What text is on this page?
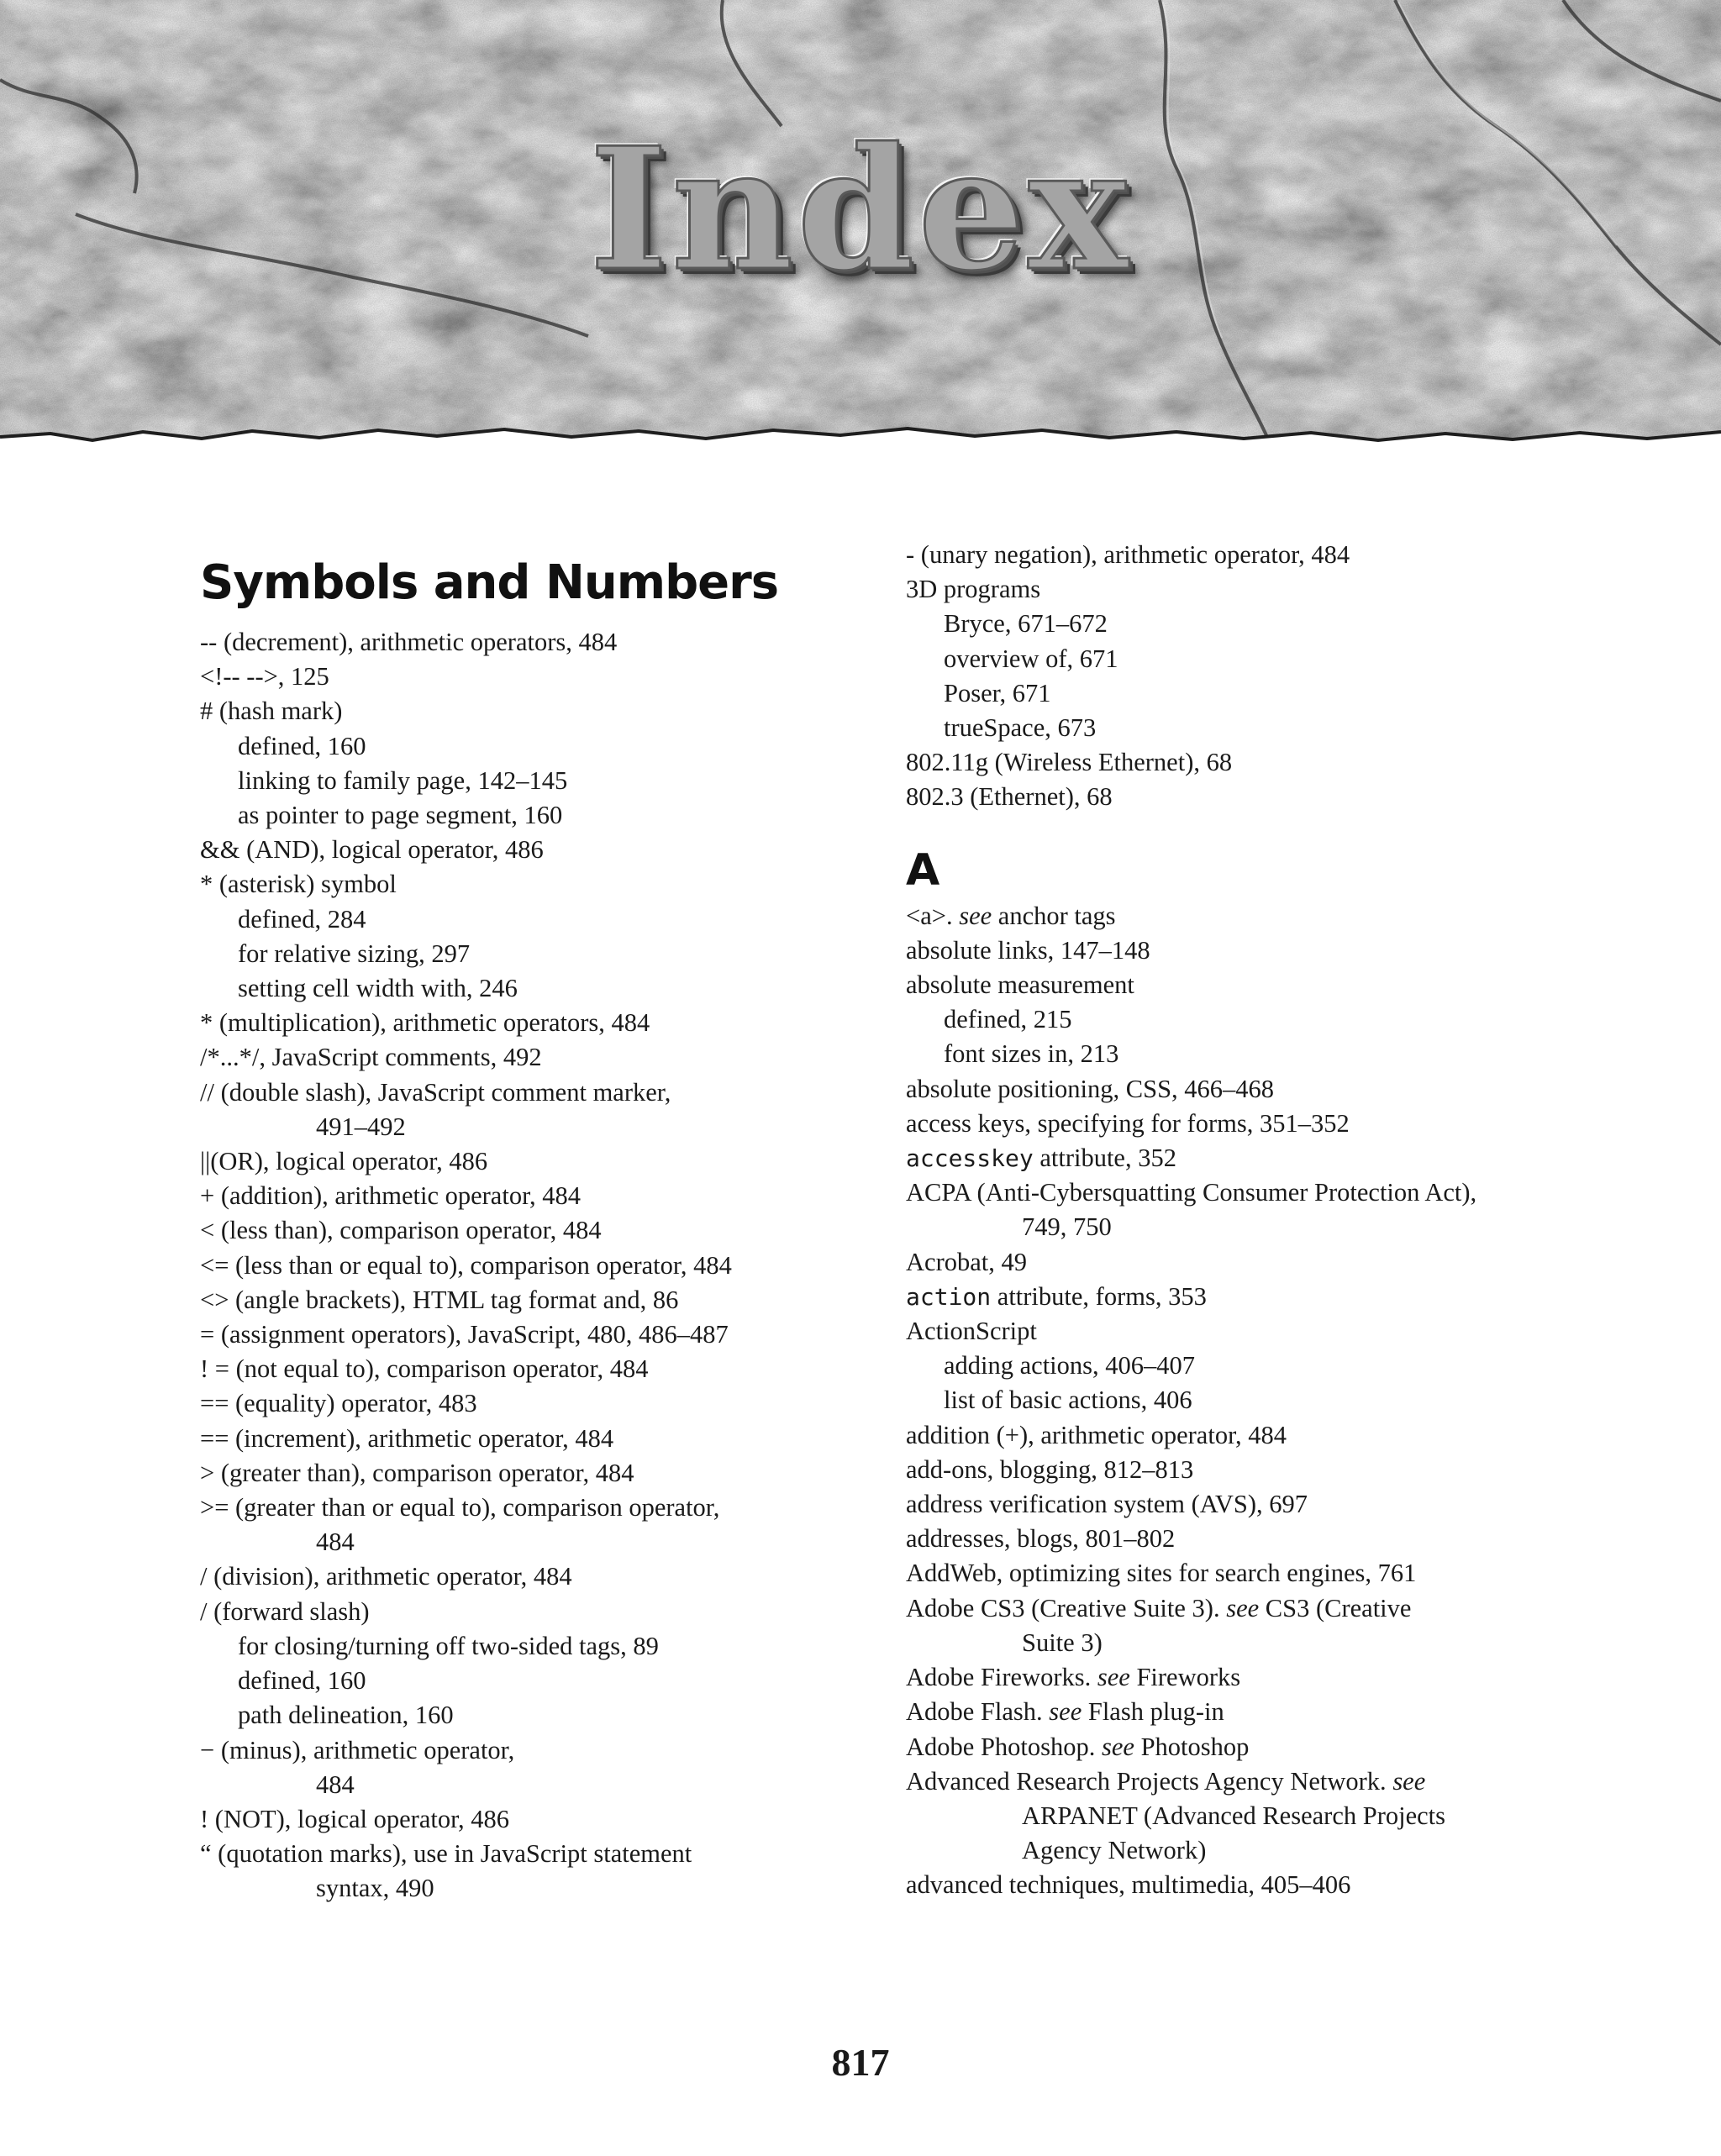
Index
Symbols and Numbers
-- (decrement), arithmetic operators, 484
<!-- -->, 125
# (hash mark)
defined, 160
linking to family page, 142–145
as pointer to page segment, 160
&& (AND), logical operator, 486
* (asterisk) symbol
defined, 284
for relative sizing, 297
setting cell width with, 246
* (multiplication), arithmetic operators, 484
/*...*/, JavaScript comments, 492
// (double slash), JavaScript comment marker,
491–492
||(OR), logical operator, 486
+ (addition), arithmetic operator, 484
< (less than), comparison operator, 484
<= (less than or equal to), comparison operator, 484
<> (angle brackets), HTML tag format and, 86
= (assignment operators), JavaScript, 480, 486–487
! = (not equal to), comparison operator, 484
== (equality) operator, 483
== (increment), arithmetic operator, 484
> (greater than), comparison operator, 484
>= (greater than or equal to), comparison operator,
484
/ (division), arithmetic operator, 484
/ (forward slash)
for closing/turning off two-sided tags, 89
defined, 160
path delineation, 160
− (minus), arithmetic operator,
484
! (NOT), logical operator, 486
“ (quotation marks), use in JavaScript statement
syntax, 490
- (unary negation), arithmetic operator, 484
3D programs
Bryce, 671–672
overview of, 671
Poser, 671
trueSpace, 673
802.11g (Wireless Ethernet), 68
802.3 (Ethernet), 68
A
<a>. see anchor tags
absolute links, 147–148
absolute measurement
defined, 215
font sizes in, 213
absolute positioning, CSS, 466–468
access keys, specifying for forms, 351–352
accesskey attribute, 352
ACPA (Anti-Cybersquatting Consumer Protection Act),
749, 750
Acrobat, 49
action attribute, forms, 353
ActionScript
adding actions, 406–407
list of basic actions, 406
addition (+), arithmetic operator, 484
add-ons, blogging, 812–813
address verification system (AVS), 697
addresses, blogs, 801–802
AddWeb, optimizing sites for search engines, 761
Adobe CS3 (Creative Suite 3). see CS3 (Creative
Suite 3)
Adobe Fireworks. see Fireworks
Adobe Flash. see Flash plug-in
Adobe Photoshop. see Photoshop
Advanced Research Projects Agency Network. see
ARPANET (Advanced Research Projects
Agency Network)
advanced techniques, multimedia, 405–406
817
